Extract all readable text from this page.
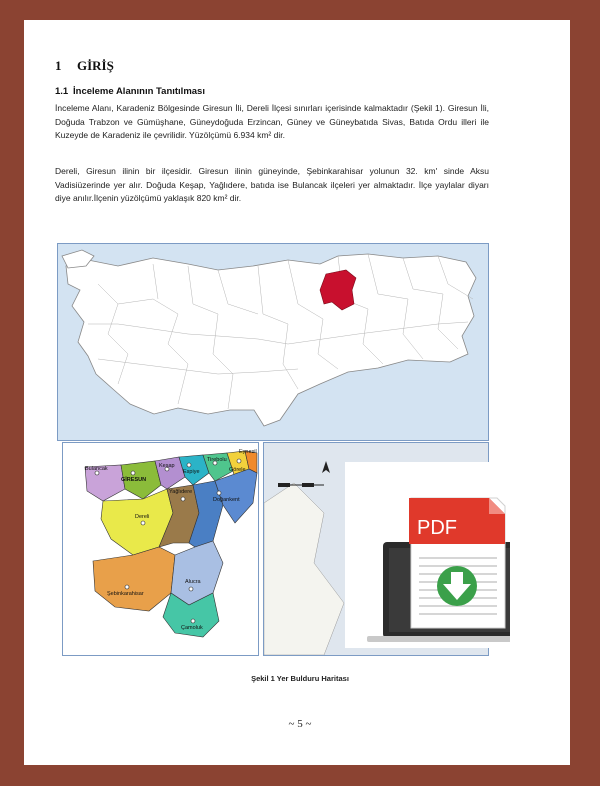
1 GİRİŞ
1.1 İnceleme Alanının Tanıtılması

İnceleme Alanı, Karadeniz Bölgesinde Giresun İli, Dereli İlçesi sınırları içerisinde kalmaktadır (Şekil 1). Giresun İli, Doğuda Trabzon ve Gümüşhane, Güneydoğuda Erzincan, Güney ve Güneybatıda Sivas, Batıda Ordu illeri ile Kuzeyde de Karadeniz ile çevrilidir. Yüzölçümü 6.934 km² dir.

Dereli, Giresun ilinin bir ilçesidir. Giresun ilinin güneyinde, Şebinkarahisar yolunun 32. km' sinde Aksu Vadisiüzerinde yer alır. Doğuda Keşap, Yağlıdere, batıda ise Bulancak ilçeleri yer almaktadır. İlçe yaylalar diyarı diye anılır.İlçenin yüzölçümü yaklaşık 820 km² dir.

Bulancak
GİRESUN
Keşap
Espiye
Tirebolu
Görele
Eynesil
Yağlıdere
Doğankent
Dereli
Şebinkarahisar
Alucra
Çamoluk
PDF
Şekil 1 Yer Bulduru Haritası
~ 5 ~
